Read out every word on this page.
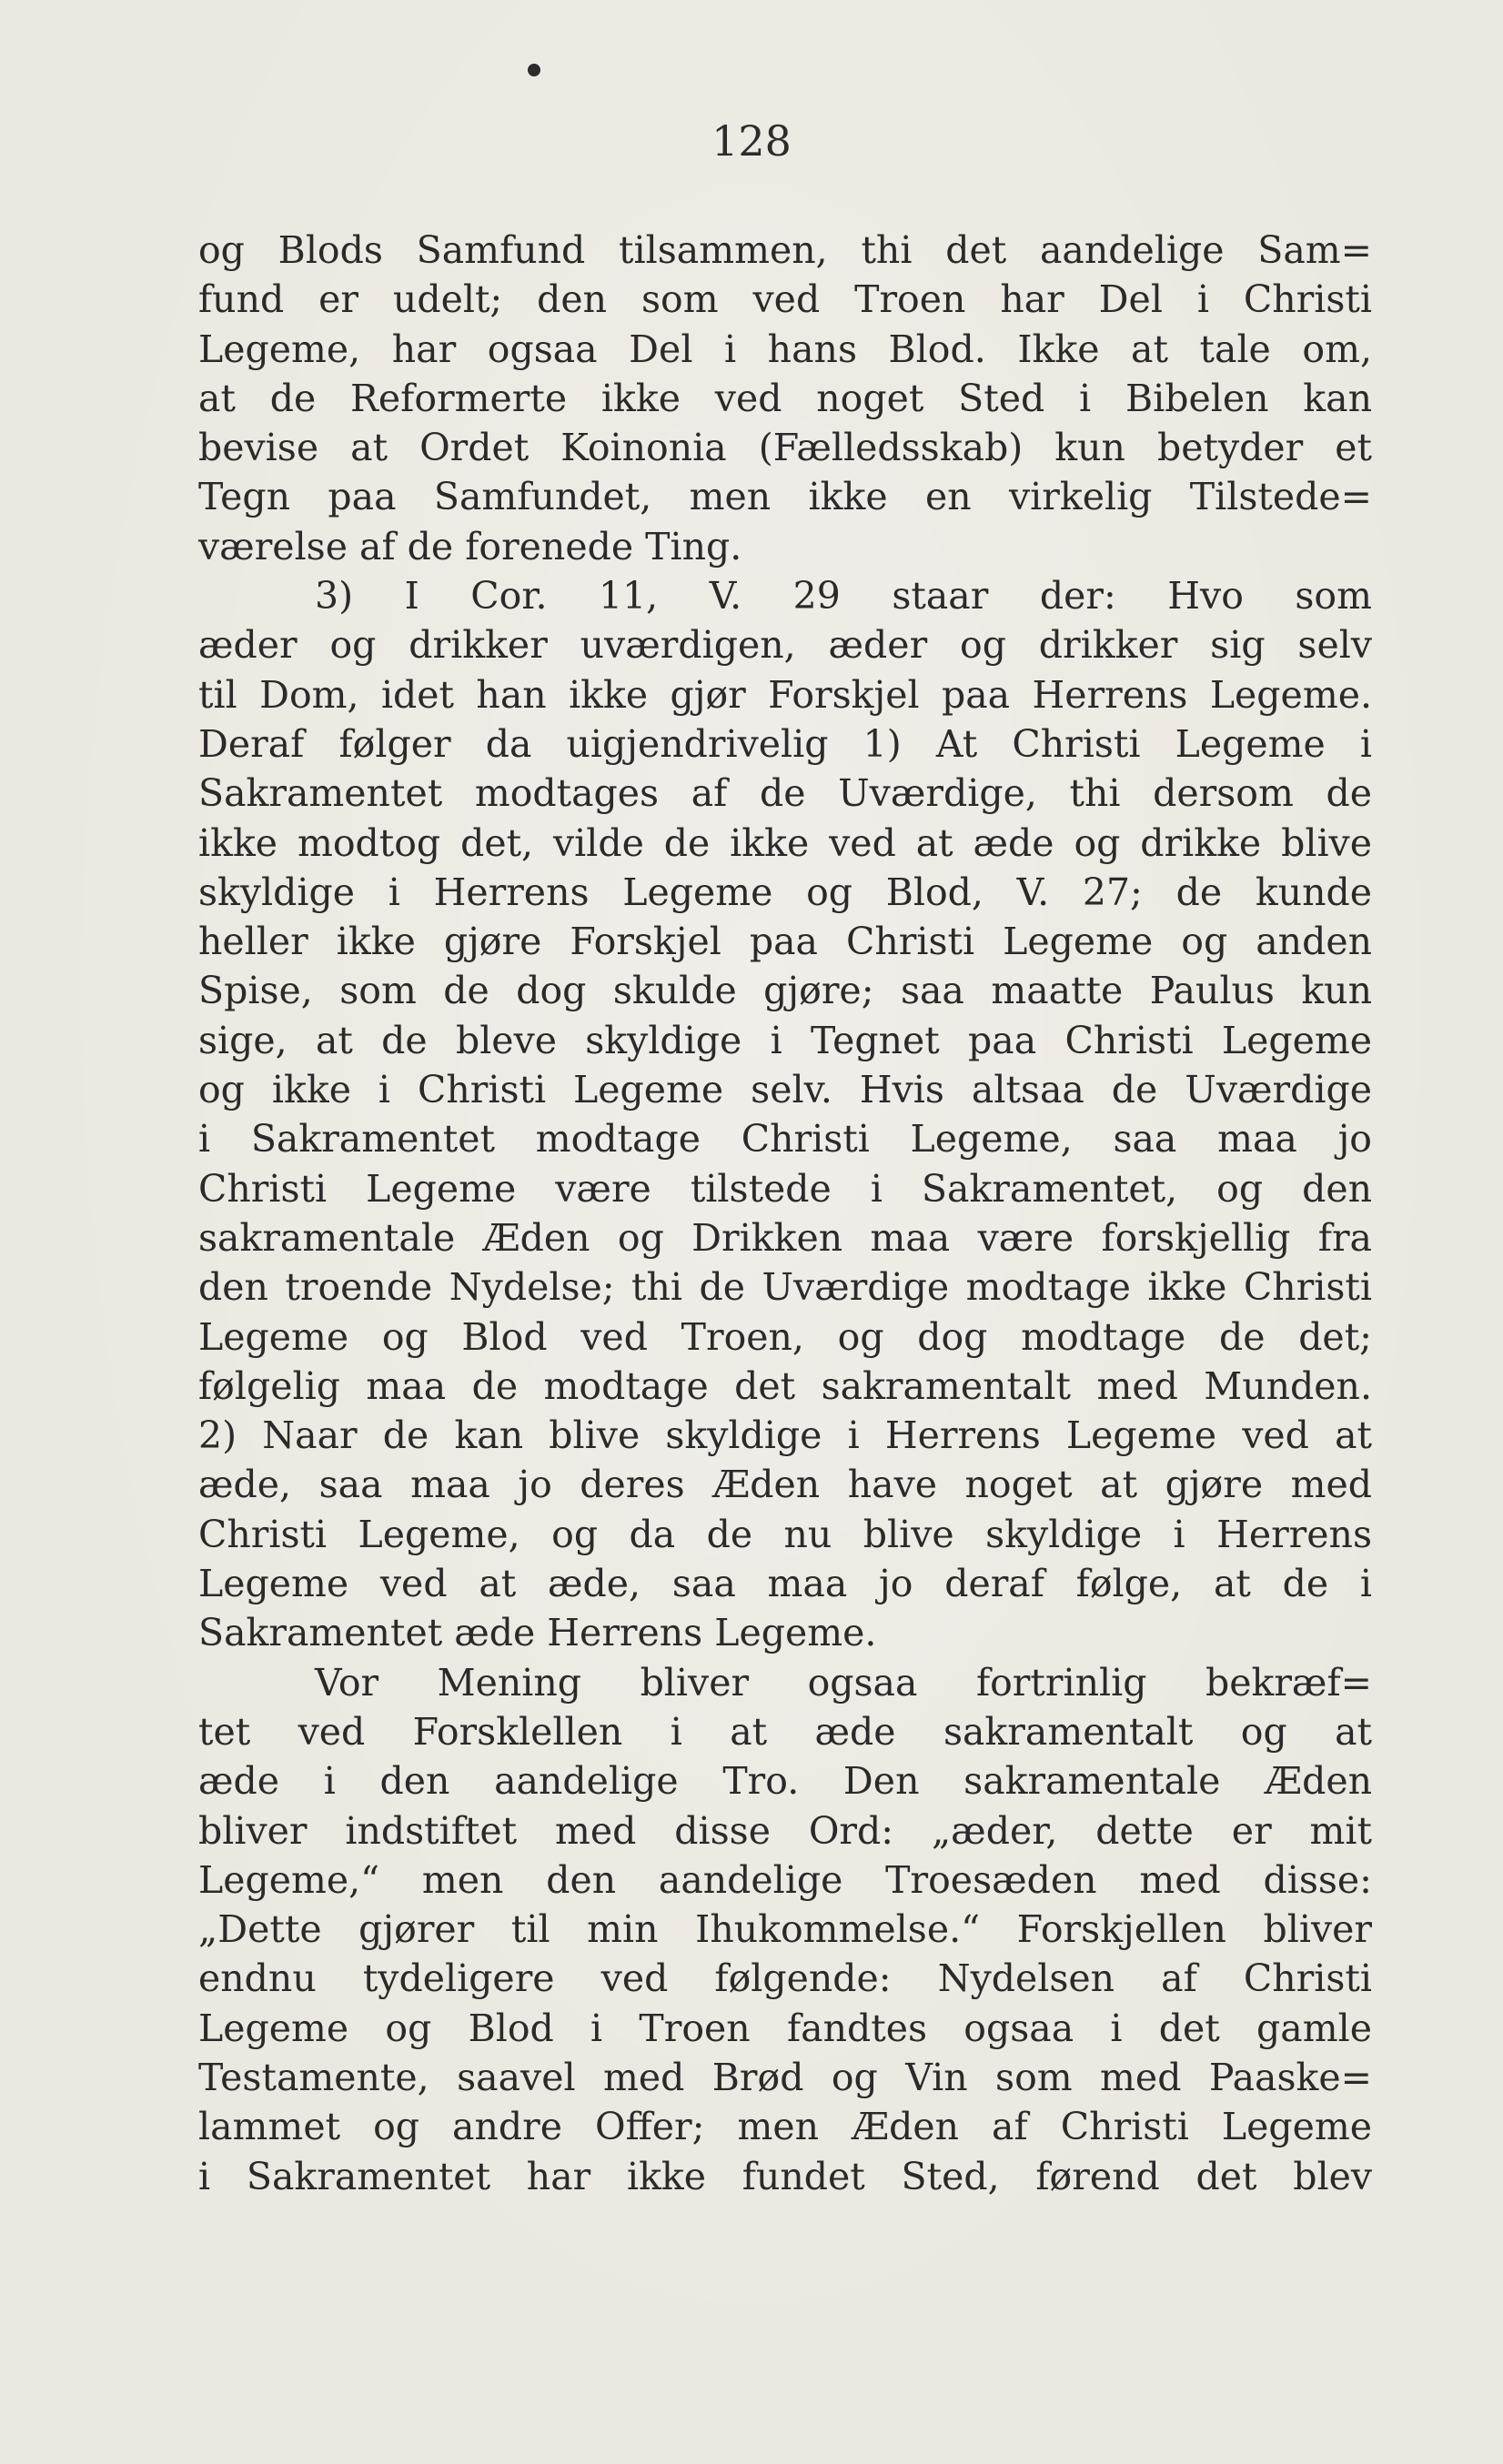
128
og Blods Samfund tilsammen, thi det aandelige Sam=
fund er udelt; den som ved Troen har Del i Christi
Legeme, har ogsaa Del i hans Blod. Ikke at tale om,
at de Reformerte ikke ved noget Sted i Bibelen kan
bevise at Ordet Koinonia (Fælledsskab) kun betyder et
Tegn paa Samfundet, men ikke en virkelig Tilstede=
værelse af de forenede Ting.
3) I Cor. 11, V. 29 staar der: Hvo som
æder og drikker uværdigen, æder og drikker sig selv
til Dom, idet han ikke gjør Forskjel paa Herrens Legeme.
Deraf følger da uigjendrivelig 1) At Christi Legeme i
Sakramentet modtages af de Uværdige, thi dersom de
ikke modtog det, vilde de ikke ved at æde og drikke blive
skyldige i Herrens Legeme og Blod, V. 27; de kunde
heller ikke gjøre Forskjel paa Christi Legeme og anden
Spise, som de dog skulde gjøre; saa maatte Paulus kun
sige, at de bleve skyldige i Tegnet paa Christi Legeme
og ikke i Christi Legeme selv. Hvis altsaa de Uværdige
i Sakramentet modtage Christi Legeme, saa maa jo
Christi Legeme være tilstede i Sakramentet, og den
sakramentale Æden og Drikken maa være forskjellig fra
den troende Nydelse; thi de Uværdige modtage ikke Christi
Legeme og Blod ved Troen, og dog modtage de det;
følgelig maa de modtage det sakramentalt med Munden.
2) Naar de kan blive skyldige i Herrens Legeme ved at
æde, saa maa jo deres Æden have noget at gjøre med
Christi Legeme, og da de nu blive skyldige i Herrens
Legeme ved at æde, saa maa jo deraf følge, at de i
Sakramentet æde Herrens Legeme.
Vor Mening bliver ogsaa fortrinlig bekræf=
tet ved Forsklellen i at æde sakramentalt og at
æde i den aandelige Tro. Den sakramentale Æden
bliver indstiftet med disse Ord: „æder, dette er mit
Legeme,“ men den aandelige Troesæden med disse:
„Dette gjører til min Ihukommelse.“ Forskjellen bliver
endnu tydeligere ved følgende: Nydelsen af Christi
Legeme og Blod i Troen fandtes ogsaa i det gamle
Testamente, saavel med Brød og Vin som med Paaske=
lammet og andre Offer; men Æden af Christi Legeme
i Sakramentet har ikke fundet Sted, førend det blev
